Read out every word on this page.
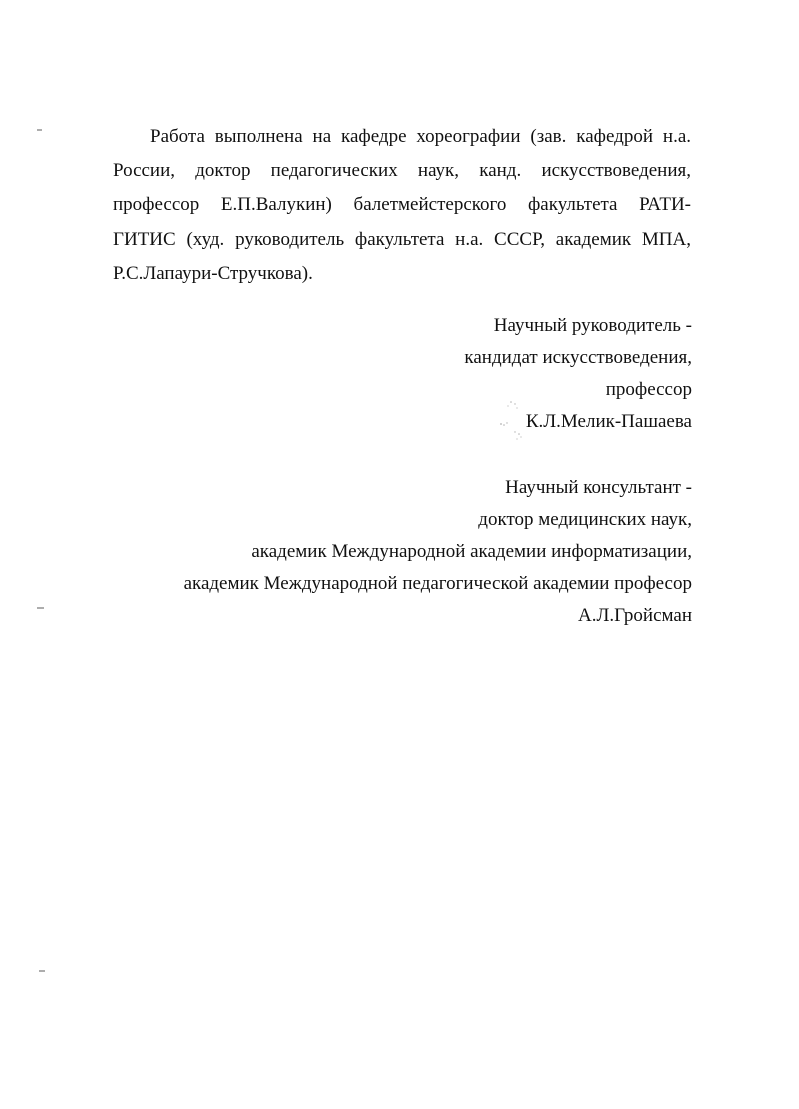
Работа выполнена на кафедре хореографии (зав. кафедрой н.а.
России, доктор педагогических наук, канд. искусствоведения,
профессор Е.П.Валукин) балетмейстерского факультета РАТИ-
ГИТИС (худ. руководитель факультета н.а. СССР, академик МПА,
Р.С.Лапаури-Стручкова).
Научный руководитель -
кандидат искусствоведения,
профессор
К.Л.Мелик-Пашаева
Научный консультант -
доктор медицинских наук,
академик Международной академии информатизации,
академик Международной педагогической академии професор
А.Л.Гройсман
